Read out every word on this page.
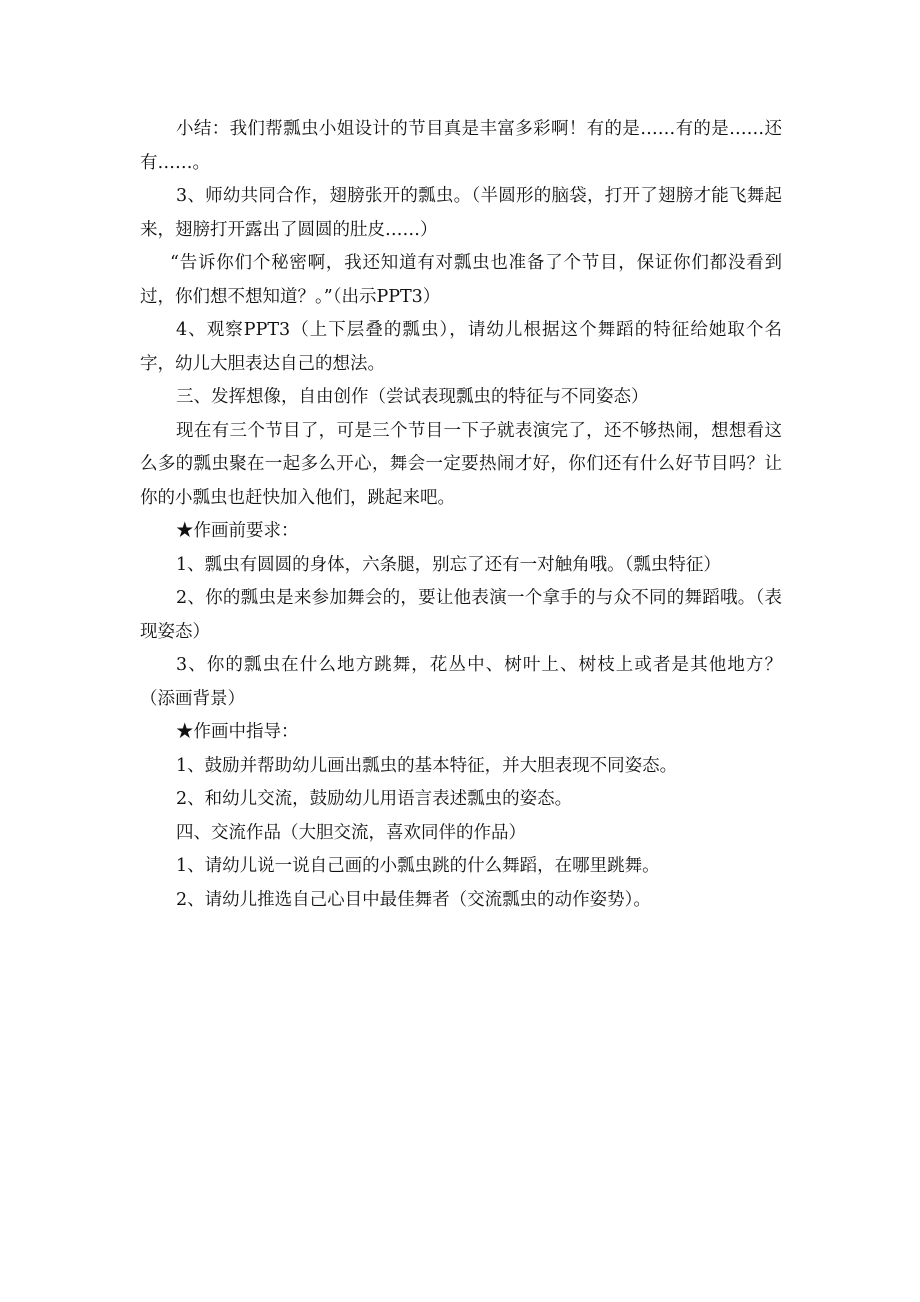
小结：我们帮瓢虫小姐设计的节目真是丰富多彩啊！有的是……有的是……还有……。

3、师幼共同合作，翅膀张开的瓢虫。（半圆形的脑袋，打开了翅膀才能飞舞起来，翅膀打开露出了圆圆的肚皮……）

“告诉你们个秘密啊，我还知道有对瓢虫也准备了个节目，保证你们都没看到过，你们想不想知道？。”（出示PPT3）

4、观察PPT3（上下层叠的瓢虫），请幼儿根据这个舞蹈的特征给她取个名字，幼儿大胆表达自己的想法。

三、发挥想像，自由创作（尝试表现瓢虫的特征与不同姿态）

现在有三个节目了，可是三个节目一下子就表演完了，还不够热闹，想想看这么多的瓢虫聚在一起多么开心，舞会一定要热闹才好，你们还有什么好节目吗？让你的小瓢虫也赶快加入他们，跳起来吧。

★作画前要求：

1、瓢虫有圆圆的身体，六条腿，别忘了还有一对触角哦。（瓢虫特征）

2、你的瓢虫是来参加舞会的，要让他表演一个拿手的与众不同的舞蹈哦。（表现姿态）

3、你的瓢虫在什么地方跳舞，花丛中、树叶上、树枝上或者是其他地方？（添画背景）

★作画中指导：

1、鼓励并帮助幼儿画出瓢虫的基本特征，并大胆表现不同姿态。

2、和幼儿交流，鼓励幼儿用语言表述瓢虫的姿态。

四、交流作品（大胆交流，喜欢同伴的作品）

1、请幼儿说一说自己画的小瓢虫跳的什么舞蹈，在哪里跳舞。

2、请幼儿推选自己心目中最佳舞者（交流瓢虫的动作姿势）。
